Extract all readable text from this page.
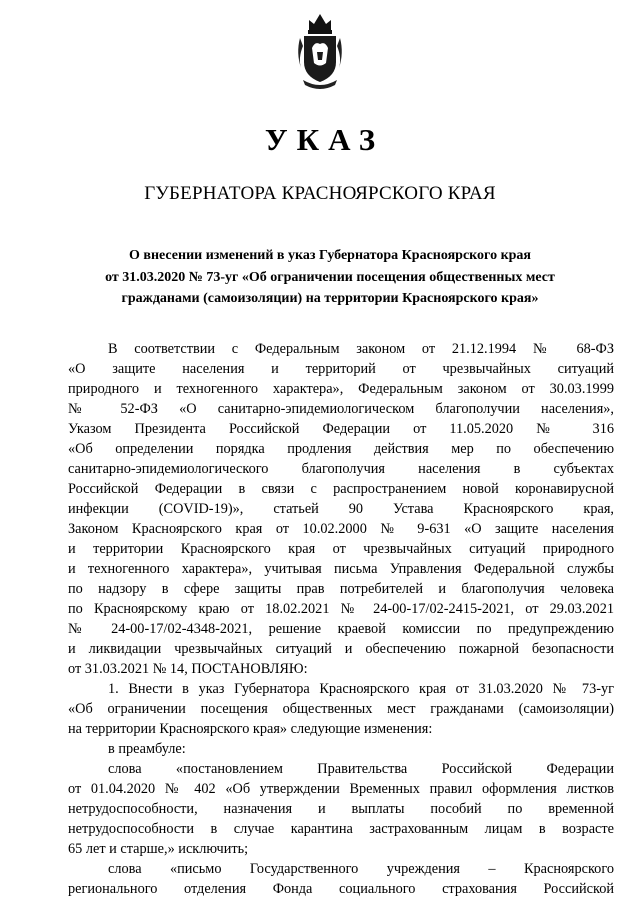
УКАЗ
ГУБЕРНАТОРА КРАСНОЯРСКОГО КРАЯ
О внесении изменений в указ Губернатора Красноярского края
от 31.03.2020 № 73-уг «Об ограничении посещения общественных мест
гражданами (самоизоляции) на территории Красноярского края»
В соответствии с Федеральным законом от 21.12.1994 № 68-ФЗ
«О защите населения и территорий от чрезвычайных ситуаций
природного и техногенного характера», Федеральным законом от 30.03.1999
№ 52-ФЗ «О санитарно-эпидемиологическом благополучии населения»,
Указом Президента Российской Федерации от 11.05.2020 № 316
«Об определении порядка продления действия мер по обеспечению
санитарно-эпидемиологического благополучия населения в субъектах
Российской Федерации в связи с распространением новой коронавирусной
инфекции (COVID-19)», статьей 90 Устава Красноярского края,
Законом Красноярского края от 10.02.2000 № 9-631 «О защите населения
и территории Красноярского края от чрезвычайных ситуаций природного
и техногенного характера», учитывая письма Управления Федеральной службы
по надзору в сфере защиты прав потребителей и благополучия человека
по Красноярскому краю от 18.02.2021 № 24-00-17/02-2415-2021, от 29.03.2021
№ 24-00-17/02-4348-2021, решение краевой комиссии по предупреждению
и ликвидации чрезвычайных ситуаций и обеспечению пожарной безопасности
от 31.03.2021 № 14, ПОСТАНОВЛЯЮ:
1. Внести в указ Губернатора Красноярского края от 31.03.2020 № 73-уг
«Об ограничении посещения общественных мест гражданами (самоизоляции)
на территории Красноярского края» следующие изменения:
в преамбуле:
слова «постановлением Правительства Российской Федерации
от 01.04.2020 № 402 «Об утверждении Временных правил оформления листков
нетрудоспособности, назначения и выплаты пособий по временной
нетрудоспособности в случае карантина застрахованным лицам в возрасте
65 лет и старше,» исключить;
слова «письмо Государственного учреждения – Красноярского
регионального отделения Фонда социального страхования Российской
